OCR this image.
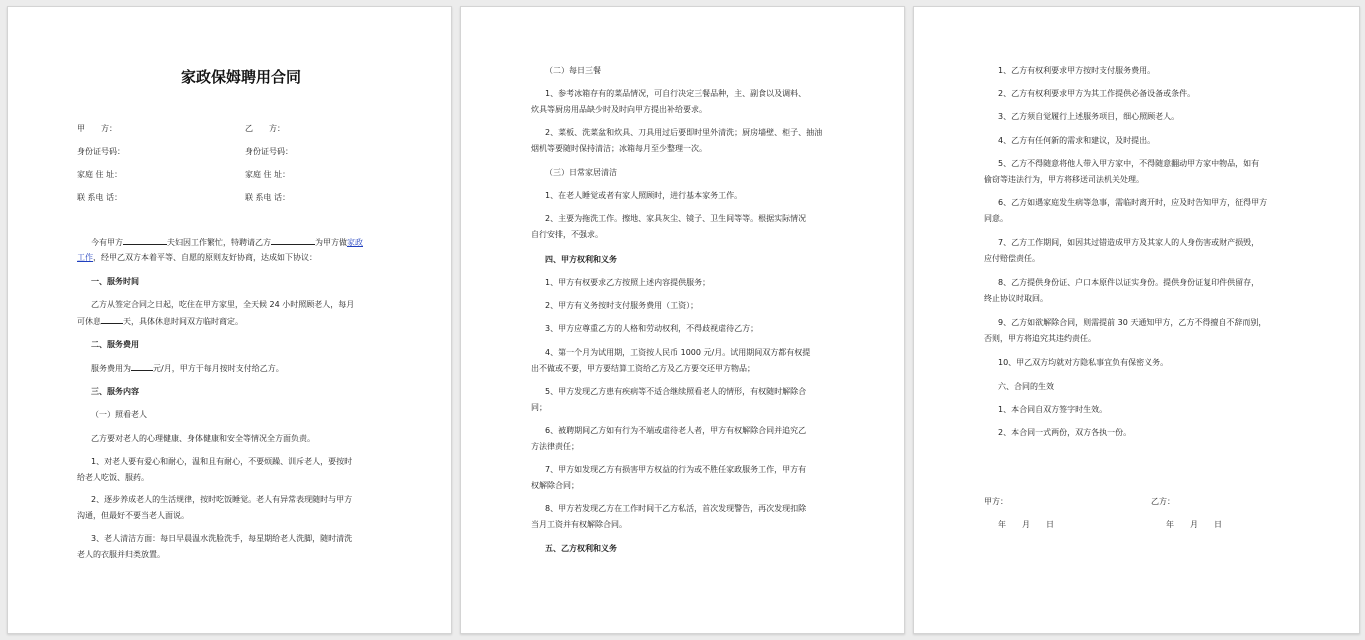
家政保姆聘用合同
甲　　方：	乙　　方：
身份证号码：	身份证号码：
家庭 住 址：	家庭 住 址：
联 系电 话：	联 系电 话：
今有甲方	夫妇因工作繁忙，特聘请乙方	为甲方做家政
工作，经甲乙双方本着平等、自愿的原则友好协商，达成如下协议：
一、服务时间
乙方从签定合同之日起，吃住在甲方家里，全天候 24 小时照顾老人，每月
可休息	天，具体休息时间双方临时商定。
二、服务费用
服务费用为	元/月，甲方于每月按时支付给乙方。
三、服务内容
（一）照看老人
乙方要对老人的心理健康、身体健康和安全等情况全方面负责。
1、对老人要有爱心和耐心，温和且有耐心，不要烦躁、训斥老人，要按时
给老人吃饭、服药。
2、逐步养成老人的生活规律，按时吃饭睡觉。老人有异常表现随时与甲方
沟通，但最好不要当老人面说。
3、老人清洁方面：每日早晨温水洗脸洗手，每星期给老人洗脚，随时清洗
老人的衣服并归类放置。
（二）每日三餐
1、参考冰箱存有的菜品情况，可自行决定三餐品种，主、副食以及调料、
炊具等厨房用品缺少时及时向甲方提出补给要求。
2、菜板、洗菜盆和炊具、刀具用过后要即时里外清洗；厨房墙壁、柜子、抽油
烟机等要随时保持清洁；冰箱每月至少整理一次。
（三）日常家居清洁
1、在老人睡觉或者有家人照顾时，进行基本家务工作。
2、主要为拖洗工作。擦地、家具灰尘、镜子、卫生间等等。根据实际情况
自行安排，不强求。
四、甲方权利和义务
1、甲方有权要求乙方按照上述内容提供服务；
2、甲方有义务按时支付服务费用（工资）；
3、甲方应尊重乙方的人格和劳动权利，不得歧视虐待乙方；
4、第一个月为试用期，工资按人民币 1000 元/月。试用期间双方都有权提
出不做或不要，甲方要结算工资给乙方及乙方要交还甲方物品；
5、甲方发现乙方患有疾病等不适合继续照看老人的情形，有权随时解除合
同；
6、被聘期间乙方如有行为不端或虐待老人者，甲方有权解除合同并追究乙
方法律责任；
7、甲方如发现乙方有损害甲方权益的行为或不胜任家政服务工作，甲方有
权解除合同；
8、甲方若发现乙方在工作时间干乙方私活，首次发现警告，再次发现扣除
当月工资并有权解除合同。
五、乙方权利和义务
1、乙方有权利要求甲方按时支付服务费用。
2、乙方有权利要求甲方为其工作提供必备设备或条件。
3、乙方须自觉履行上述服务项目，细心照顾老人。
4、乙方有任何新的需求和建议，及时提出。
5、乙方不得随意将他人带入甲方家中，不得随意翻动甲方家中物品，如有
偷窃等违法行为，甲方将移送司法机关处理。
6、乙方如遇家庭发生病等急事，需临时离开时，应及时告知甲方，征得甲方
同意。
7、乙方工作期间，如因其过错造成甲方及其家人的人身伤害或财产损毁，
应付赔偿责任。
8、乙方提供身份证、户口本原件以证实身份。提供身份证复印件供留存，
终止协议时取回。
9、乙方如欲解除合同，则需提前 30 天通知甲方，乙方不得擅自不辞而别，
否则，甲方将追究其违约责任。
10、甲乙双方均就对方隐私事宜负有保密义务。
六、合同的生效
1、本合同自双方签字时生效。
2、本合同一式两份，双方各执一份。
甲方：	乙方：
年　　月　　日	年　　月　　日
